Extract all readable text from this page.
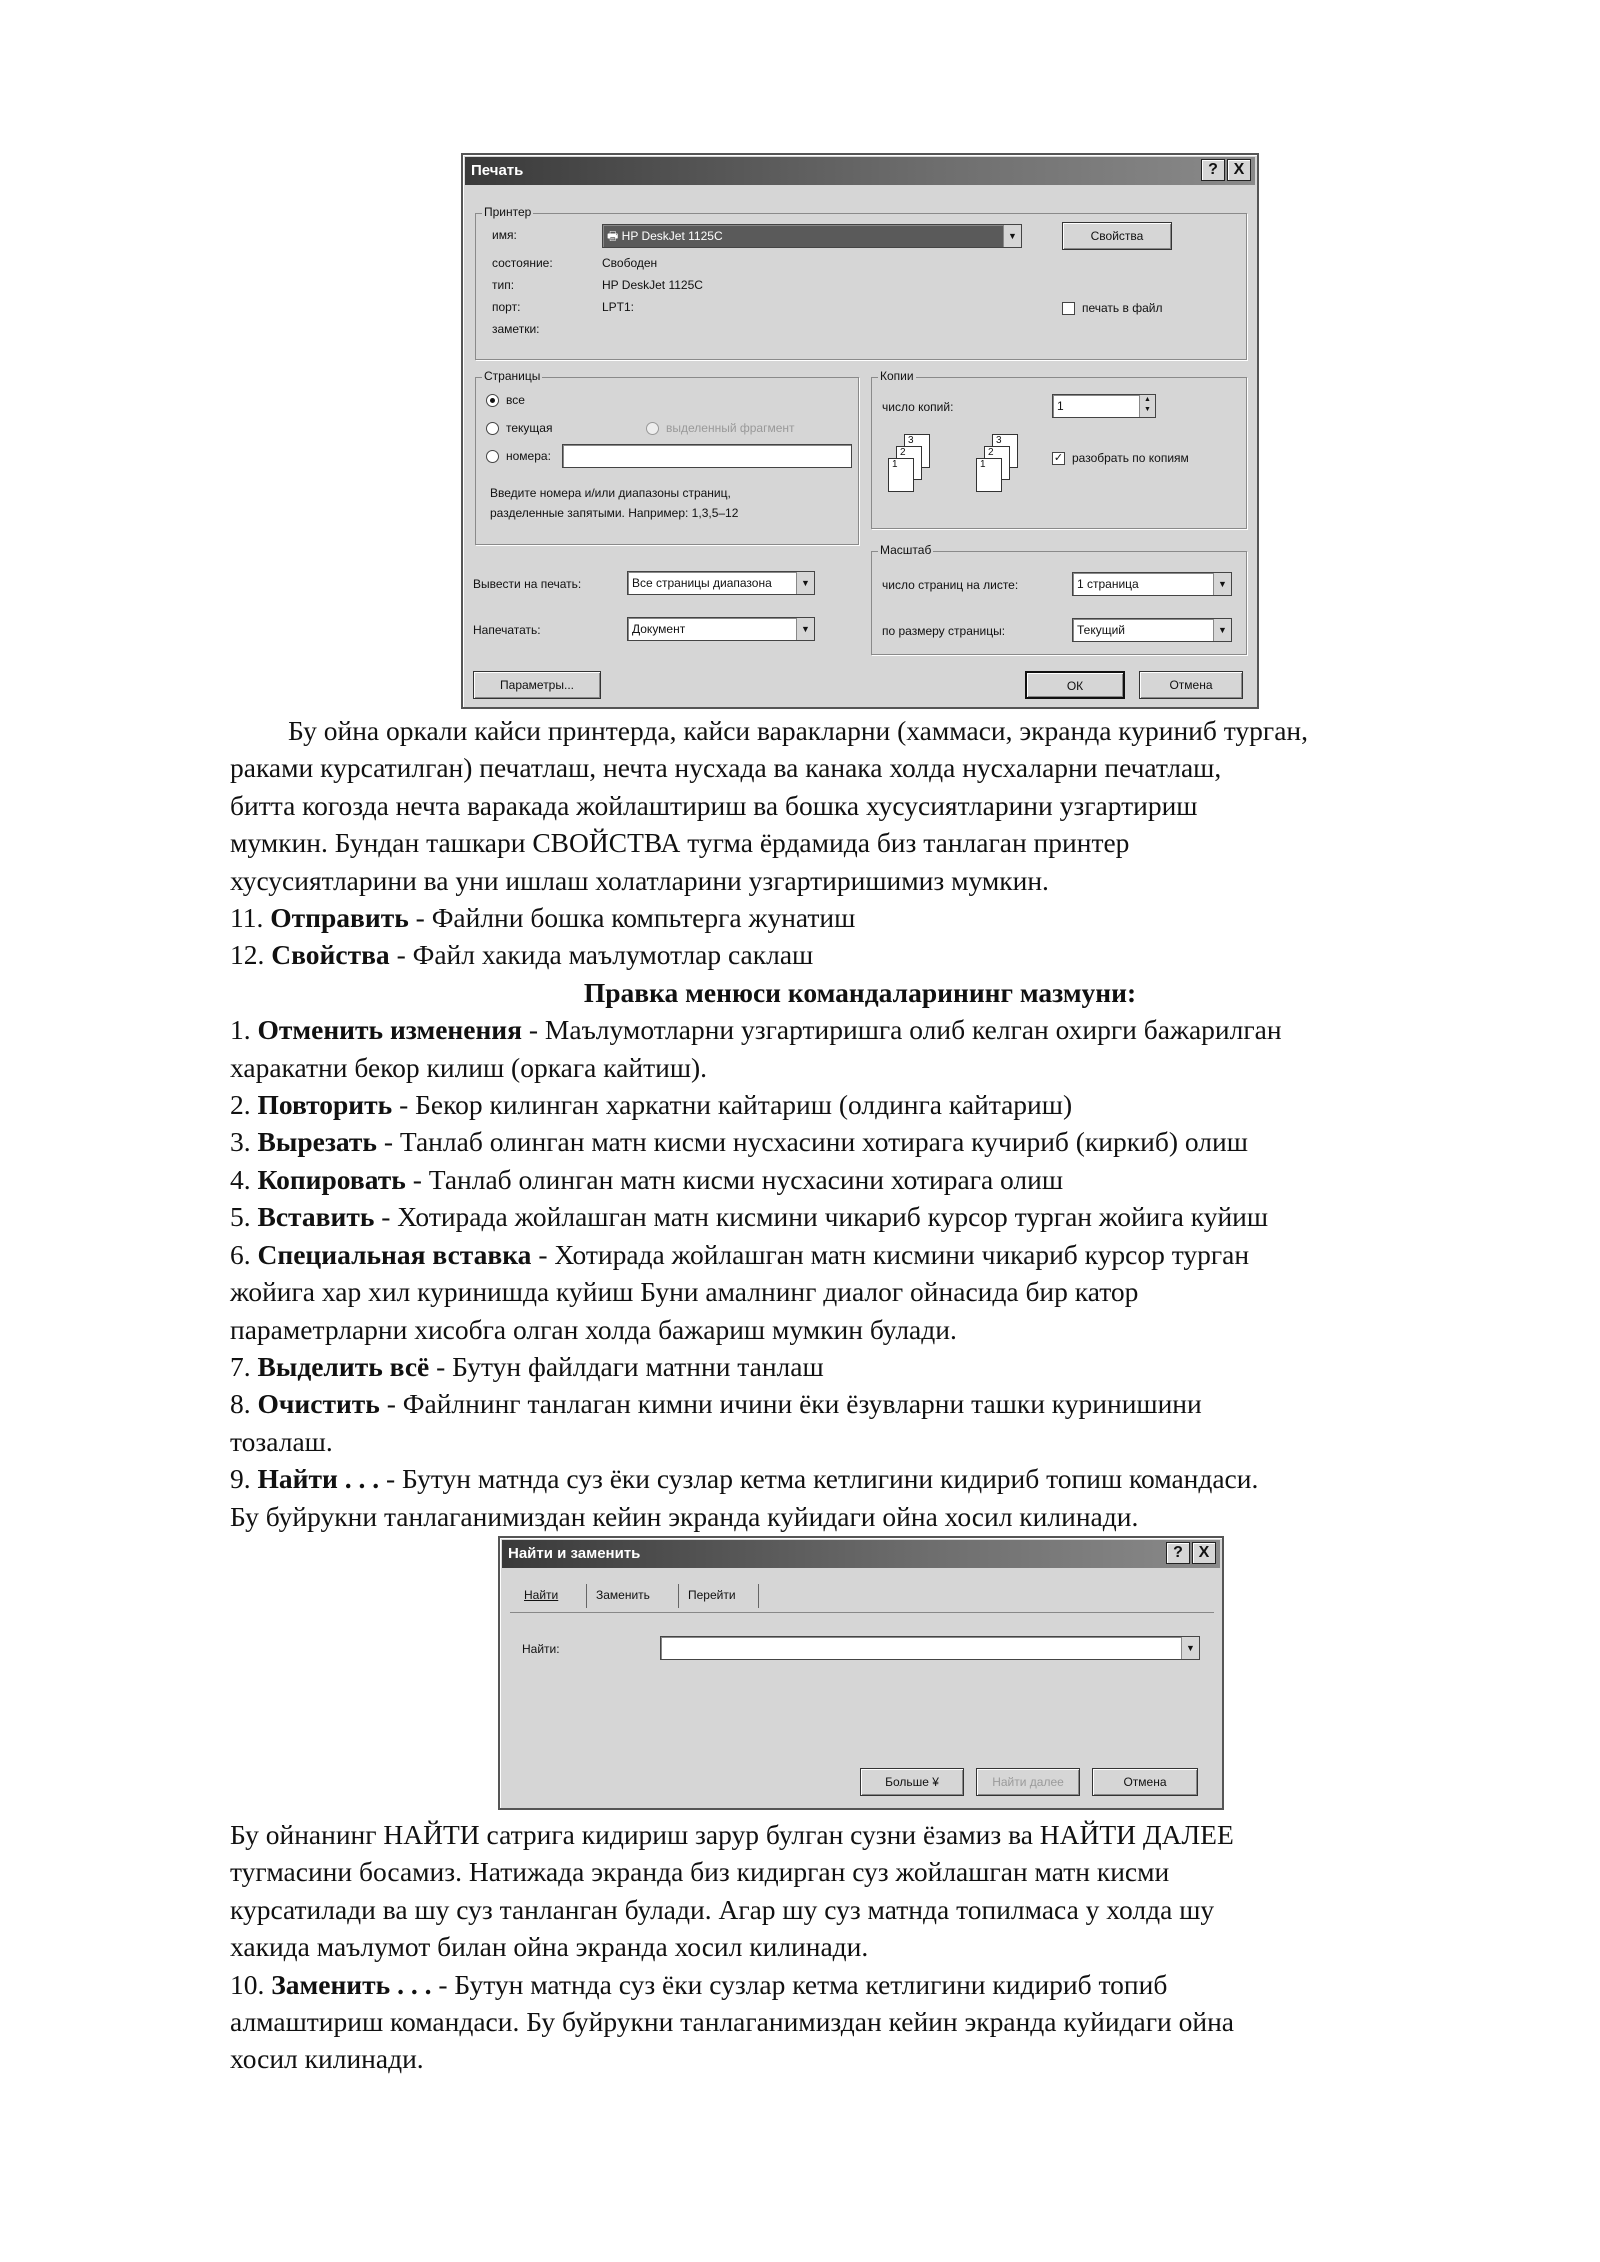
Печать	? X
Принтер
имя:	🖶 HP DeskJet 1125C	▼	Свойства
состояние:	Свободен
тип:	HP DeskJet 1125C
порт:	LPT1:
заметки:
печать в файл
Страницы
все
текущая	выделенный фрагмент
номера:
Введите номера и/или диапазоны страниц,
разделенные запятыми. Например: 1,3,5–12
Копии
число копий:	1	▲
▼
3
2
1
3
2
1
✓ разобрать по копиям
Вывести на печать:	Все страницы диапазона	▼
Напечатать:	Документ	▼
Масштаб
число страниц на листе:	1 страница	▼
по размеру страницы:	Текущий	▼
Параметры...	ОК	Отмена

Бу ойна оркали кайси принтерда, кайси варакларни (хаммаси, экранда куриниб турган,

раками курсатилган) печатлаш, нечта нусхада ва канака холда нусхаларни печатлаш,

битта когозда нечта варакада жойлаштириш ва бошка хусусиятларини узгартириш

мумкин. Бундан ташкари СВОЙСТВА тугма ёрдамида биз танлаган принтер

хусусиятларини ва уни ишлаш холатларини узгартиришимиз мумкин.

11. Отправить - Файлни бошка компьтерга жунатиш

12. Свойства - Файл хакида маълумотлар саклаш

Правка менюси командаларининг мазмуни:

1. Отменить изменения - Маълумотларни узгартиришга олиб келган охирги бажарилган

харакатни бекор килиш (оркага кайтиш).

2. Повторить - Бекор килинган харкатни кайтариш (олдинга кайтариш)

3. Вырезать - Танлаб олинган матн кисми нусхасини хотирага кучириб (киркиб) олиш

4. Копировать - Танлаб олинган матн кисми нусхасини хотирага олиш

5. Вставить - Хотирада жойлашган матн кисмини чикариб курсор турган жойига куйиш

6. Специальная вставка - Хотирада жойлашган матн кисмини чикариб курсор турган

жойига хар хил куринишда куйиш Буни амалнинг диалог ойнасида бир катор

параметрларни хисобга олган холда бажариш мумкин булади.

7. Выделить всё - Бутун файлдаги матнни танлаш

8. Очистить - Файлнинг танлаган кимни ичини ёки ёзувларни ташки куринишини

тозалаш.

9. Найти . . . - Бутун матнда суз ёки сузлар кетма кетлигини кидириб топиш командаси.

Бу буйрукни танлаганимиздан кейин экранда куйидаги ойна хосил килинади.

Найти и заменить	? X
Найти	Заменить	Перейти
Найти:	▼
Больше ¥	Найти далее	Отмена

Бу ойнанинг НАЙТИ сатрига кидириш зарур булган сузни ёзамиз ва НАЙТИ ДАЛЕЕ

тугмасини босамиз. Натижада экранда биз кидирган суз жойлашган матн кисми

курсатилади ва шу суз танланган булади. Агар шу суз матнда топилмаса у холда шу

хакида маълумот билан ойна экранда хосил килинади.

10. Заменить . . . - Бутун матнда суз ёки сузлар кетма кетлигини кидириб топиб

алмаштириш командаси. Бу буйрукни танлаганимиздан кейин экранда куйидаги ойна

хосил килинади.
